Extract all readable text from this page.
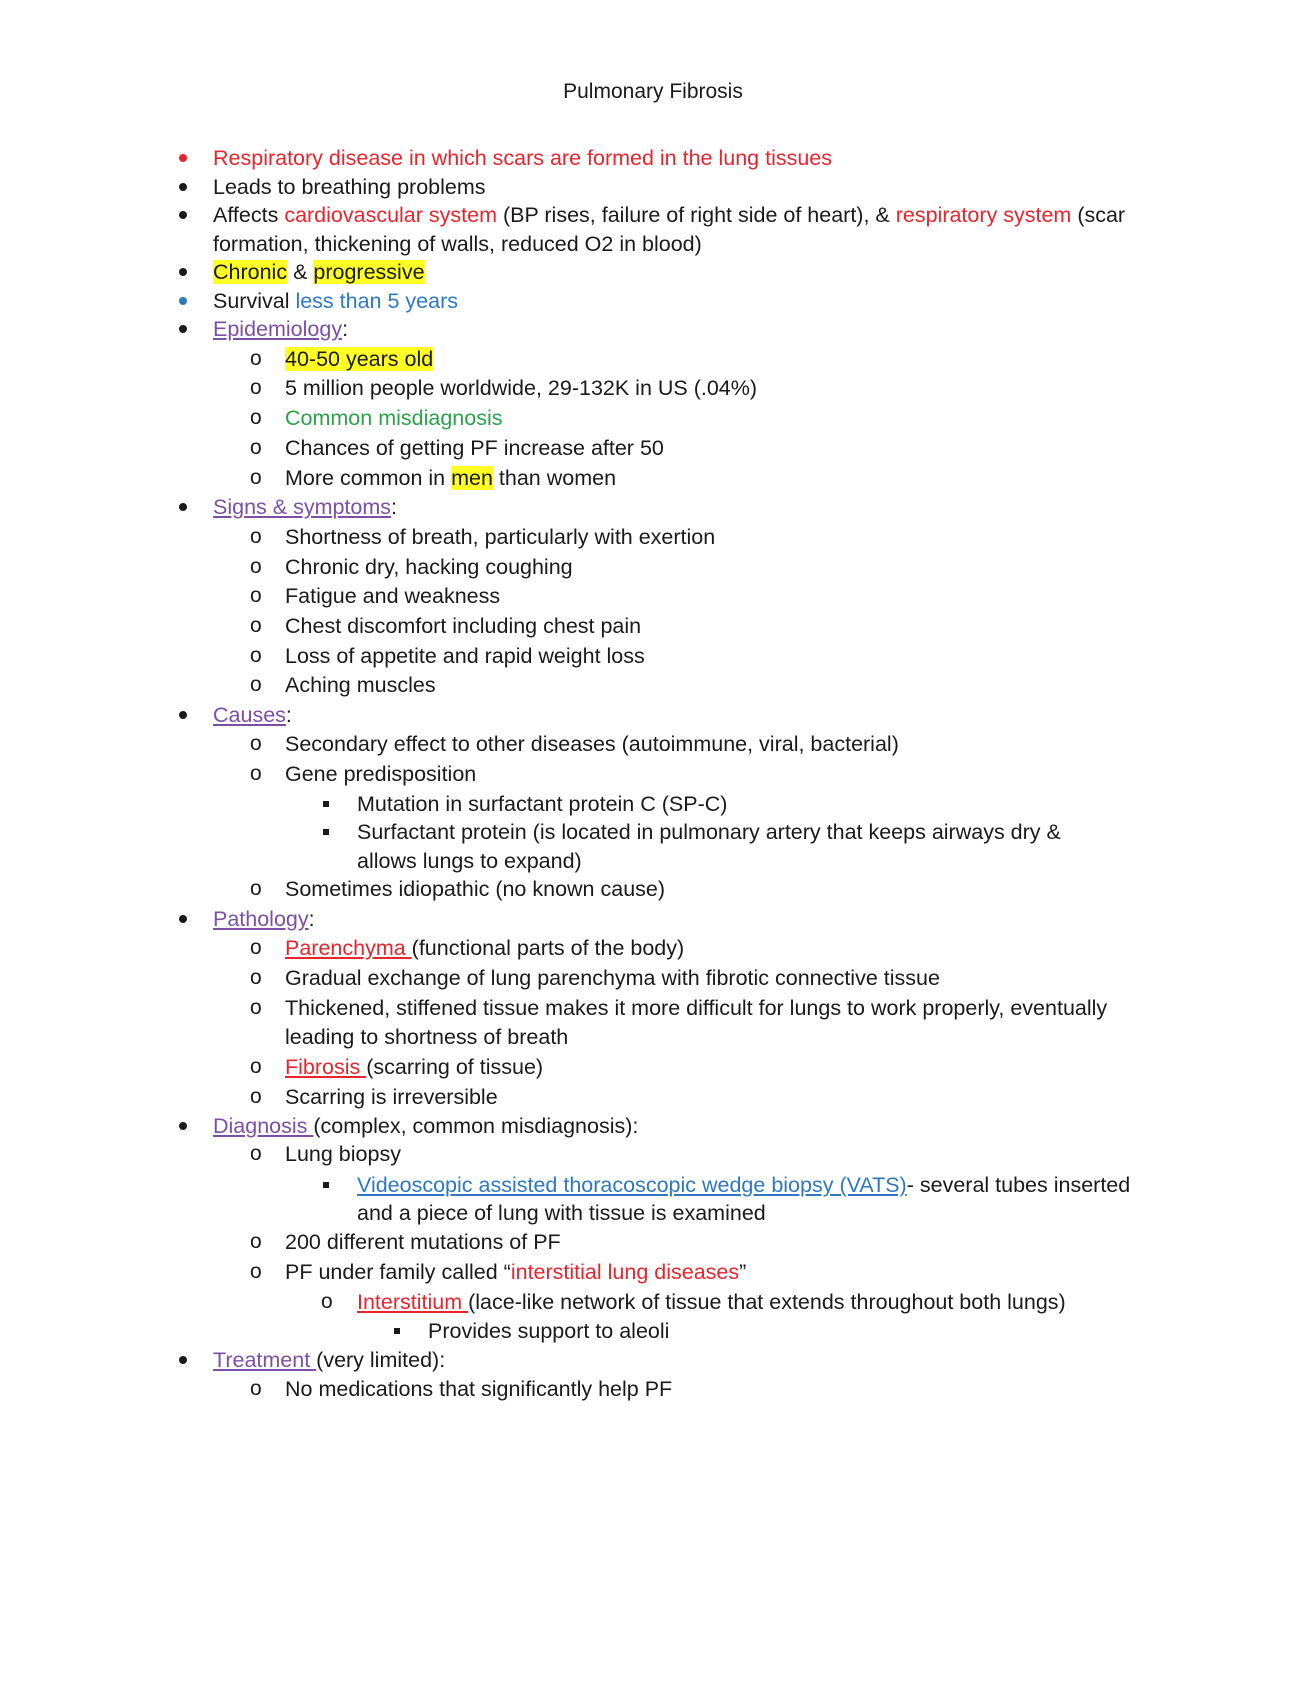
Pulmonary Fibrosis
Respiratory disease in which scars are formed in the lung tissues
Leads to breathing problems
Affects cardiovascular system (BP rises, failure of right side of heart), & respiratory system (scar
formation, thickening of walls, reduced O2 in blood)
Chronic & progressive
Survival less than 5 years
Epidemiology:
o 40-50 years old
o 5 million people worldwide, 29-132K in US (.04%)
o Common misdiagnosis
o Chances of getting PF increase after 50
o More common in men than women
Signs & symptoms:
o Shortness of breath, particularly with exertion
o Chronic dry, hacking coughing
o Fatigue and weakness
o Chest discomfort including chest pain
o Loss of appetite and rapid weight loss
o Aching muscles
Causes:
o Secondary effect to other diseases (autoimmune, viral, bacterial)
o Gene predisposition
Mutation in surfactant protein C (SP-C)
Surfactant protein (is located in pulmonary artery that keeps airways dry &
allows lungs to expand)
o Sometimes idiopathic (no known cause)
Pathology:
o Parenchyma (functional parts of the body)
o Gradual exchange of lung parenchyma with fibrotic connective tissue
o Thickened, stiffened tissue makes it more difficult for lungs to work properly, eventually
leading to shortness of breath
o Fibrosis (scarring of tissue)
o Scarring is irreversible
Diagnosis (complex, common misdiagnosis):
o Lung biopsy
Videoscopic assisted thoracoscopic wedge biopsy (VATS)- several tubes inserted
and a piece of lung with tissue is examined
o 200 different mutations of PF
o PF under family called “interstitial lung diseases”
o Interstitium (lace-like network of tissue that extends throughout both lungs)
Provides support to aleoli
Treatment (very limited):
o No medications that significantly help PF
